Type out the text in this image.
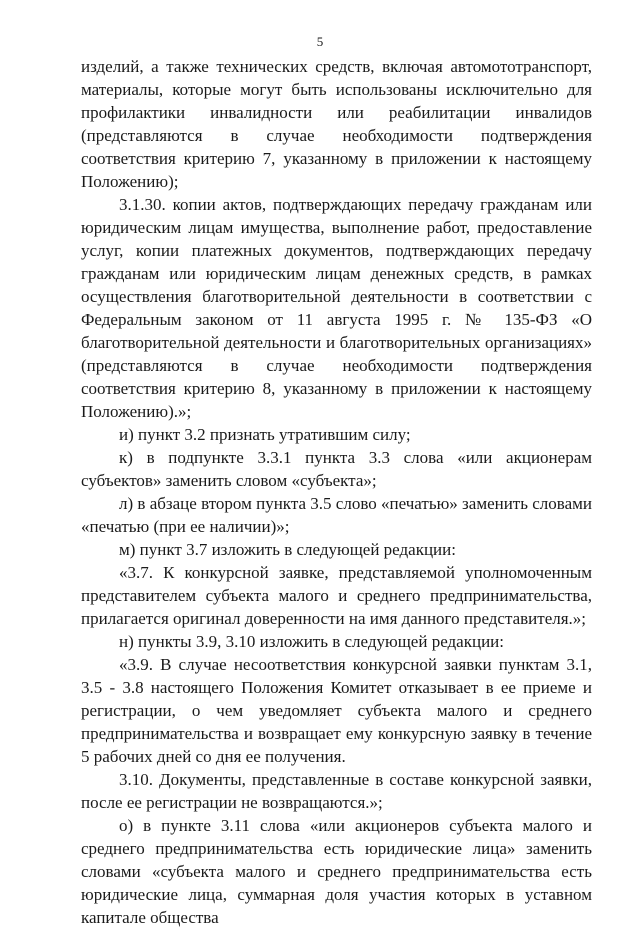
5

изделий, а также технических средств, включая автомототранспорт, материалы, которые могут быть использованы исключительно для профилактики инвалидности или реабилитации инвалидов (представляются в случае необходимости подтверждения соответствия критерию 7, указанному в приложении к настоящему Положению);

3.1.30. копии актов, подтверждающих передачу гражданам или юридическим лицам имущества, выполнение работ, предоставление услуг, копии платежных документов, подтверждающих передачу гражданам или юридическим лицам денежных средств, в рамках осуществления благотворительной деятельности в соответствии с Федеральным законом от 11 августа 1995 г. № 135-ФЗ «О благотворительной деятельности и благотворительных организациях» (представляются в случае необходимости подтверждения соответствия критерию 8, указанному в приложении к настоящему Положению).»;

и) пункт 3.2 признать утратившим силу;

к) в подпункте 3.3.1 пункта 3.3 слова «или акционерам субъектов» заменить словом «субъекта»;

л) в абзаце втором пункта 3.5 слово «печатью» заменить словами «печатью (при ее наличии)»;

м) пункт 3.7 изложить в следующей редакции:

«3.7. К конкурсной заявке, представляемой уполномоченным представителем субъекта малого и среднего предпринимательства, прилагается оригинал доверенности на имя данного представителя.»;

н) пункты 3.9, 3.10 изложить в следующей редакции:

«3.9. В случае несоответствия конкурсной заявки пунктам 3.1, 3.5 - 3.8 настоящего Положения Комитет отказывает в ее приеме и регистрации, о чем уведомляет субъекта малого и среднего предпринимательства и возвращает ему конкурсную заявку в течение 5 рабочих дней со дня ее получения.

3.10. Документы, представленные в составе конкурсной заявки, после ее регистрации не возвращаются.»;

о) в пункте 3.11 слова «или акционеров субъекта малого и среднего предпринимательства есть юридические лица» заменить словами «субъекта малого и среднего предпринимательства есть юридические лица, суммарная доля участия которых в уставном капитале общества
